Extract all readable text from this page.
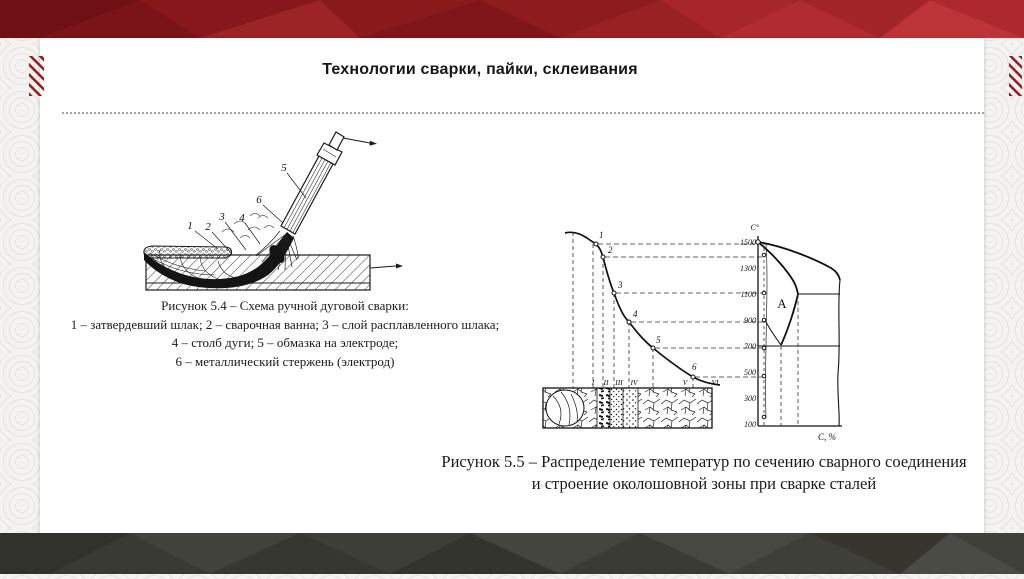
Технологии сварки, пайки, склеивания
1 2
3 4
5
6
Рисунок 5.4 – Схема ручной дуговой сварки:
1 – затвердевший шлак; 2 – сварочная ванна; 3 – слой расплавленного шлака;
4 – столб дуги; 5 – обмазка на электроде;
6 – металлический стержень (электрод)
1
2
3
4
5
6
I II III IV	V	VI
A
C°
1500
1300
1100
900
700
500
300
100
C, %
Рисунок 5.5 – Распределение температур по сечению сварного соединения
и строение околошовной зоны при сварке сталей
